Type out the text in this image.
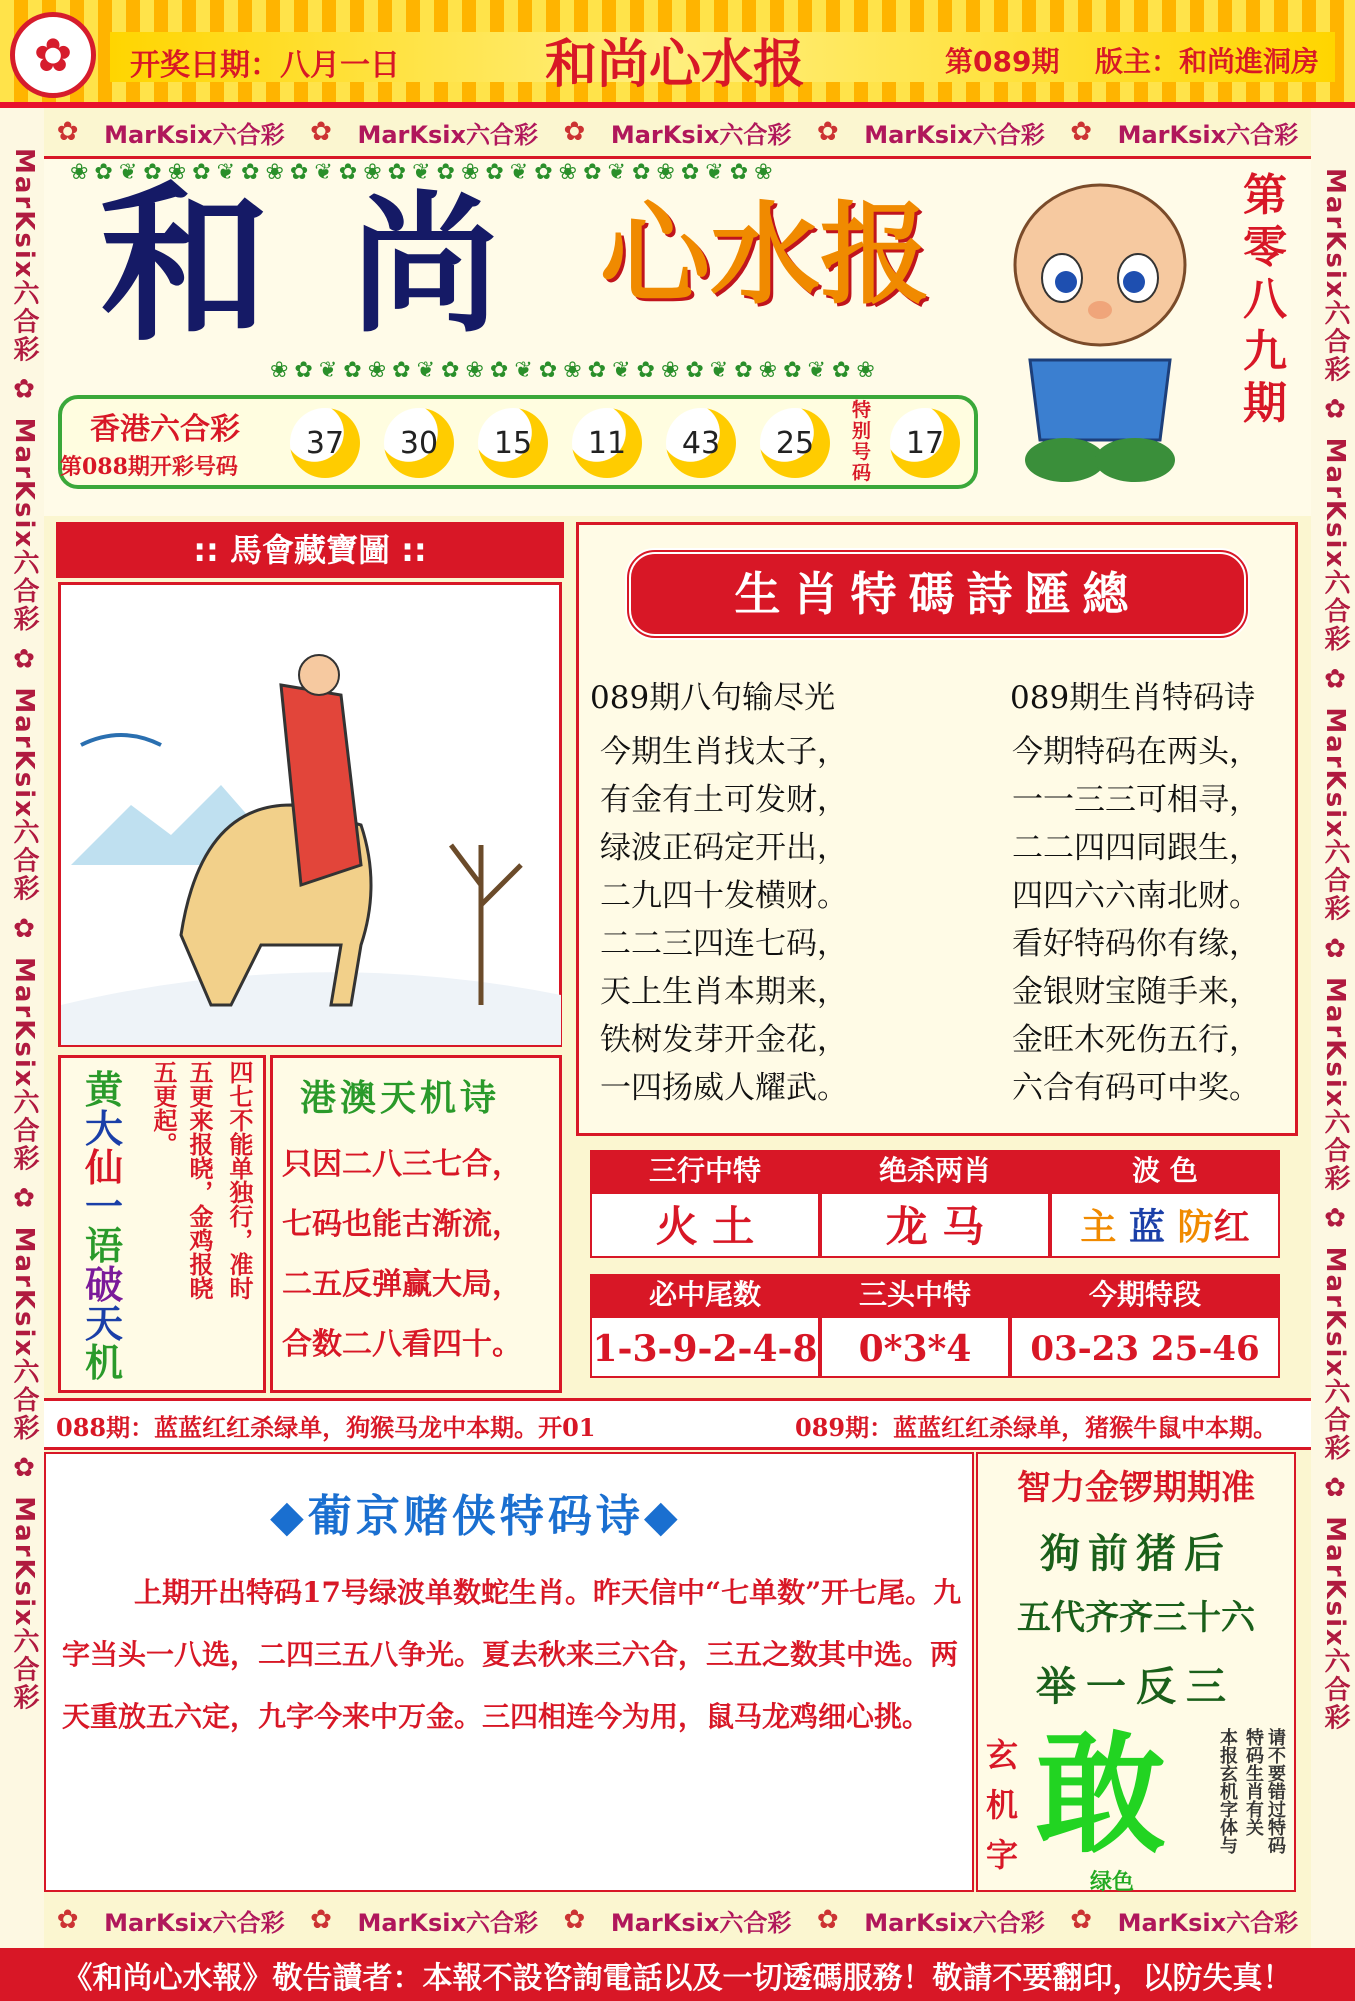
✿ 开奖日期：八月一日	和尚心水报	第089期 版主：和尚進洞房
MarKsix六合彩 ✿ MarKsix六合彩 ✿ MarKsix六合彩 ✿ MarKsix六合彩 ✿ MarKsix六合彩 ✿ MarKsix六合彩
MarKsix六合彩 ✿ MarKsix六合彩 ✿ MarKsix六合彩 ✿ MarKsix六合彩 ✿ MarKsix六合彩 ✿ MarKsix六合彩
✿ MarKsix六合彩 ✿ MarKsix六合彩 ✿ MarKsix六合彩 ✿ MarKsix六合彩 ✿ MarKsix六合彩
❀✿❦✿❀✿❦✿❀✿❦✿❀✿❦✿❀✿❦✿❀✿❦✿❀✿❦✿❀
和 尚 心水报
❀✿❦✿❀✿❦✿❀✿❦✿❀✿❦✿❀✿❦✿❀✿❦✿❀
第零八九期
香港六合彩
第088期开彩号码
37	30	15	11	43	25
特别号码
17
:: 馬會藏寶圖 ::
生肖特碼詩匯總
089期八句输尽光	089期生肖特码诗
今期生肖找太子，
有金有土可发财，
绿波正码定开出，
二九四十发横财。
二二三四连七码，
天上生肖本期来，
铁树发芽开金花，
一四扬威人耀武。
今期特码在两头，
一一三三可相寻，
二二四四同跟生，
四四六六南北财。
看好特码你有缘，
金银财宝随手来，
金旺木死伤五行，
六合有码可中奖。
黄大仙一语破天机
五更起。 五更来报晓，金鸡报晓 四七不能单独行，准时 港澳天机诗
只因二八三七合，
七码也能古渐流，
二五反弹赢大局，
合数二八看四十。
三行中特	绝杀两肖	波 色
火 土	龙 马	主 蓝 防红
必中尾数	三头中特	今期特段
1-3-9-2-4-8	0*3*4	03-23 25-46
088期：蓝蓝红红杀绿单，狗猴马龙中本期。开01	089期：蓝蓝红红杀绿单，猪猴牛鼠中本期。
◆葡京赌侠特码诗◆
上期开出特码17号绿波单数蛇生肖。昨天信中“七单数”开七尾。九字当头一八选，二四三五八争光。夏去秋来三六合，三五之数其中选。两天重放五六定，九字今来中万金。三四相连今为用，鼠马龙鸡细心挑。
智力金锣期期准
狗前猪后
五代齐齐三十六
举一反三
玄机字 敢
绿色
请不要错过特码
特码生肖有关
本报玄机字体与
✿ MarKsix六合彩 ✿ MarKsix六合彩 ✿ MarKsix六合彩 ✿ MarKsix六合彩 ✿ MarKsix六合彩
《和尚心水報》敬告讀者：本報不設咨詢電話以及一切透碼服務！敬請不要翻印，以防失真！
